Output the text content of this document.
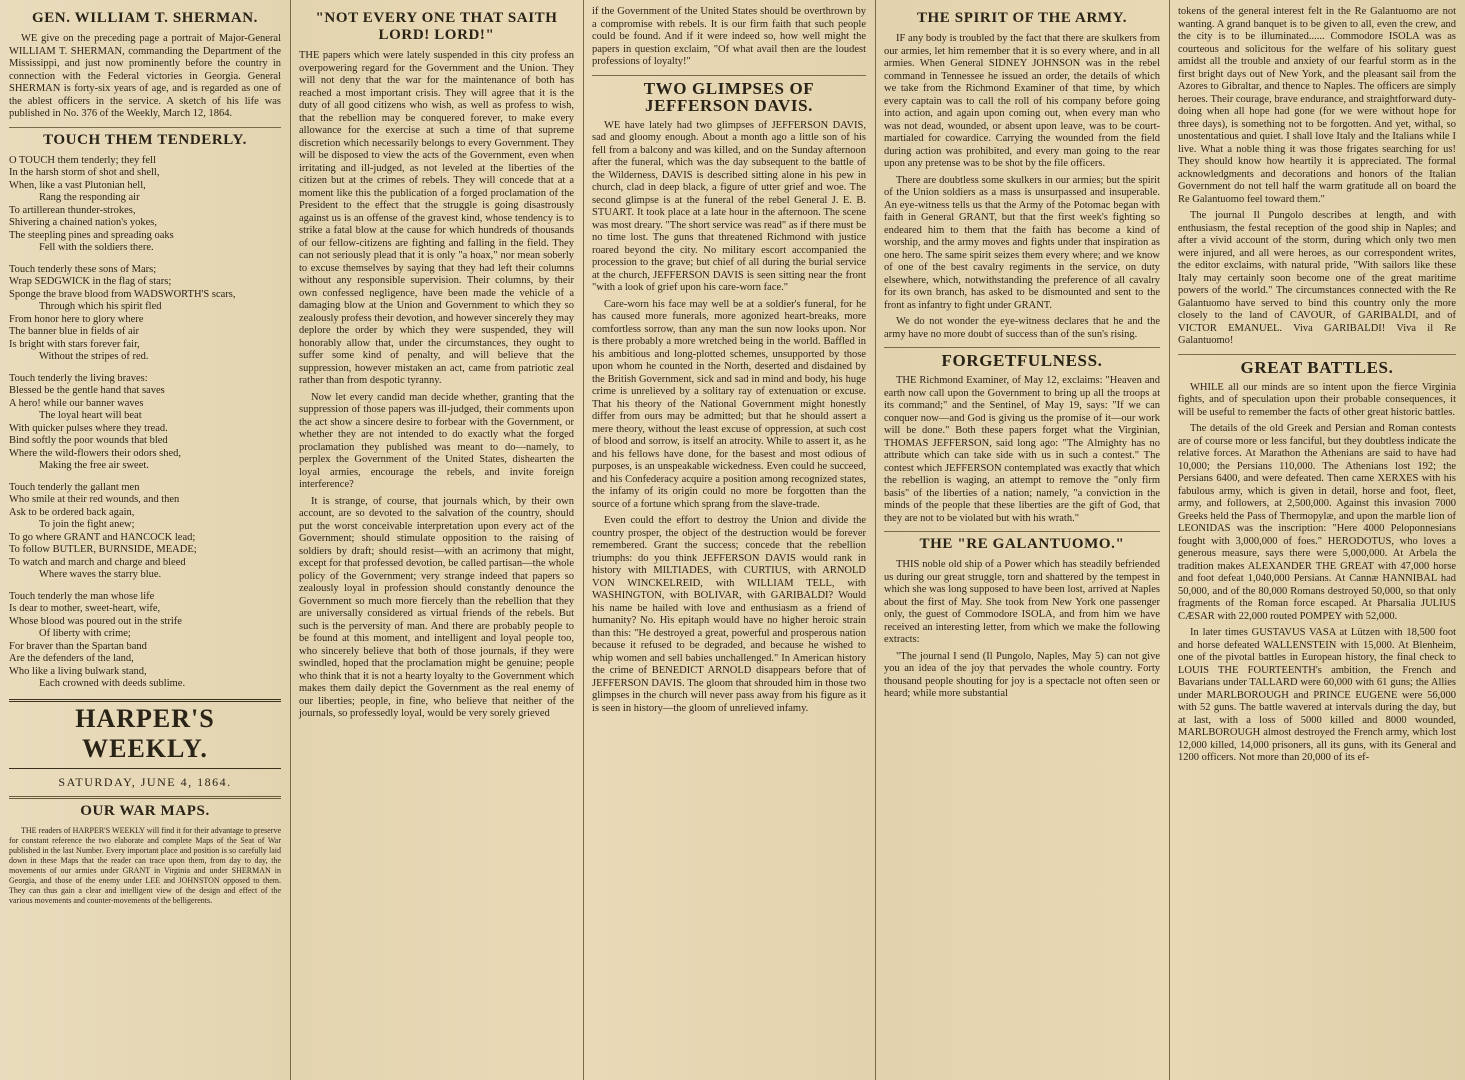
GEN. WILLIAM T. SHERMAN.

WE give on the preceding page a portrait of Major-General WILLIAM T. SHERMAN, commanding the Department of the Mississippi, and just now prominently before the country in connection with the Federal victories in Georgia. General SHERMAN is forty-six years of age, and is regarded as one of the ablest officers in the service. A sketch of his life was published in No. 376 of the Weekly, March 12, 1864.

TOUCH THEM TENDERLY.
O TOUCH them tenderly; they fell
In the harsh storm of shot and shell,
When, like a vast Plutonian hell,
Rang the responding air
To artillerean thunder-strokes,
Shivering a chained nation's yokes,
The steepling pines and spreading oaks
Fell with the soldiers there.
Touch tenderly these sons of Mars;
Wrap SEDGWICK in the flag of stars;
Sponge the brave blood from WADSWORTH'S scars,
Through which his spirit fled
From honor here to glory where
The banner blue in fields of air
Is bright with stars forever fair,
Without the stripes of red.
Touch tenderly the living braves:
Blessed be the gentle hand that saves
A hero! while our banner waves
The loyal heart will beat
With quicker pulses where they tread.
Bind softly the poor wounds that bled
Where the wild-flowers their odors shed,
Making the free air sweet.
Touch tenderly the gallant men
Who smile at their red wounds, and then
Ask to be ordered back again,
To join the fight anew;
To go where GRANT and HANCOCK lead;
To follow BUTLER, BURNSIDE, MEADE;
To watch and march and charge and bleed
Where waves the starry blue.
Touch tenderly the man whose life
Is dear to mother, sweet-heart, wife,
Whose blood was poured out in the strife
Of liberty with crime;
For braver than the Spartan band
Are the defenders of the land,
Who like a living bulwark stand,
Each crowned with deeds sublime.
HARPER'S WEEKLY.
SATURDAY, JUNE 4, 1864.
OUR WAR MAPS.

THE readers of HARPER'S WEEKLY will find it for their advantage to preserve for constant reference the two elaborate and complete Maps of the Seat of War published in the last Number. Every important place and position is so carefully laid down in these Maps that the reader can trace upon them, from day to day, the movements of our armies under GRANT in Virginia and under SHERMAN in Georgia, and those of the enemy under LEE and JOHNSTON opposed to them. They can thus gain a clear and intelligent view of the design and effect of the various movements and counter-movements of the belligerents.

"NOT EVERY ONE THAT SAITH LORD! LORD!"

THE papers which were lately suspended in this city profess an overpowering regard for the Government and the Union. They will not deny that the war for the maintenance of both has reached a most important crisis. They will agree that it is the duty of all good citizens who wish, as well as profess to wish, that the rebellion may be conquered forever, to make every allowance for the exercise at such a time of that supreme discretion which necessarily belongs to every Government. They will be disposed to view the acts of the Government, even when irritating and ill-judged, as not leveled at the liberties of the citizen but at the crimes of rebels. They will concede that at a moment like this the publication of a forged proclamation of the President to the effect that the struggle is going disastrously against us is an offense of the gravest kind, whose tendency is to strike a fatal blow at the cause for which hundreds of thousands of our fellow-citizens are fighting and falling in the field. They can not seriously plead that it is only "a hoax," nor mean soberly to excuse themselves by saying that they had left their columns without any responsible supervision. Their columns, by their own confessed negligence, have been made the vehicle of a damaging blow at the Union and Government to which they so zealously profess their devotion, and however sincerely they may deplore the order by which they were suspended, they will honorably allow that, under the circumstances, they ought to suffer some kind of penalty, and will believe that the suppression, however mistaken an act, came from patriotic zeal rather than from despotic tyranny.

Now let every candid man decide whether, granting that the suppression of those papers was ill-judged, their comments upon the act show a sincere desire to forbear with the Government, or whether they are not intended to do exactly what the forged proclamation they published was meant to do—namely, to perplex the Government of the United States, dishearten the loyal armies, encourage the rebels, and invite foreign interference?

It is strange, of course, that journals which, by their own account, are so devoted to the salvation of the country, should put the worst conceivable interpretation upon every act of the Government; should stimulate opposition to the raising of soldiers by draft; should resist—with an acrimony that might, except for that professed devotion, be called partisan—the whole policy of the Government; very strange indeed that papers so zealously loyal in profession should constantly denounce the Government so much more fiercely than the rebellion that they are universally considered as virtual friends of the rebels. But such is the perversity of man. And there are probably people to be found at this moment, and intelligent and loyal people too, who sincerely believe that both of those journals, if they were swindled, hoped that the proclamation might be genuine; people who think that it is not a hearty loyalty to the Government which makes them daily depict the Government as the real enemy of our liberties; people, in fine, who believe that neither of the journals, so professedly loyal, would be very sorely grieved

if the Government of the United States should be overthrown by a compromise with rebels. It is our firm faith that such people could be found. And if it were indeed so, how well might the papers in question exclaim, "Of what avail then are the loudest professions of loyalty!"

TWO GLIMPSES OF JEFFERSON DAVIS.

WE have lately had two glimpses of JEFFERSON DAVIS, sad and gloomy enough. About a month ago a little son of his fell from a balcony and was killed, and on the Sunday afternoon after the funeral, which was the day subsequent to the battle of the Wilderness, DAVIS is described sitting alone in his pew in church, clad in deep black, a figure of utter grief and woe. The second glimpse is at the funeral of the rebel General J. E. B. STUART. It took place at a late hour in the afternoon. The scene was most dreary. "The short service was read" as if there must be no time lost. The guns that threatened Richmond with justice roared beyond the city. No military escort accompanied the procession to the grave; but chief of all during the burial service at the church, JEFFERSON DAVIS is seen sitting near the front "with a look of grief upon his care-worn face."

Care-worn his face may well be at a soldier's funeral, for he has caused more funerals, more agonized heart-breaks, more comfortless sorrow, than any man the sun now looks upon. Nor is there probably a more wretched being in the world. Baffled in his ambitious and long-plotted schemes, unsupported by those upon whom he counted in the North, deserted and disdained by the British Government, sick and sad in mind and body, his huge crime is unrelieved by a solitary ray of extenuation or excuse. That his theory of the National Government might honestly differ from ours may be admitted; but that he should assert a mere theory, without the least excuse of oppression, at such cost of blood and sorrow, is itself an atrocity. While to assert it, as he and his fellows have done, for the basest and most odious of purposes, is an unspeakable wickedness. Even could he succeed, and his Confederacy acquire a position among recognized states, the infamy of its origin could no more be forgotten than the source of a fortune which sprang from the slave-trade.

Even could the effort to destroy the Union and divide the country prosper, the object of the destruction would be forever remembered. Grant the success; concede that the rebellion triumphs: do you think JEFFERSON DAVIS would rank in history with MILTIADES, with CURTIUS, with ARNOLD VON WINCKELREID, with WILLIAM TELL, with WASHINGTON, with BOLIVAR, with GARIBALDI? Would his name be hailed with love and enthusiasm as a friend of humanity? No. His epitaph would have no higher heroic strain than this: "He destroyed a great, powerful and prosperous nation because it refused to be degraded, and because he wished to whip women and sell babies unchallenged." In American history the crime of BENEDICT ARNOLD disappears before that of JEFFERSON DAVIS. The gloom that shrouded him in those two glimpses in the church will never pass away from his figure as it is seen in history—the gloom of unrelieved infamy.

THE SPIRIT OF THE ARMY.

IF any body is troubled by the fact that there are skulkers from our armies, let him remember that it is so every where, and in all armies. When General SIDNEY JOHNSON was in the rebel command in Tennessee he issued an order, the details of which we take from the Richmond Examiner of that time, by which every captain was to call the roll of his company before going into action, and again upon coming out, when every man who was not dead, wounded, or absent upon leave, was to be court-martialed for cowardice. Carrying the wounded from the field during action was prohibited, and every man going to the rear upon any pretense was to be shot by the file officers.

There are doubtless some skulkers in our armies; but the spirit of the Union soldiers as a mass is unsurpassed and insuperable. An eye-witness tells us that the Army of the Potomac began with faith in General GRANT, but that the first week's fighting so endeared him to them that the faith has become a kind of worship, and the army moves and fights under that inspiration as one hero. The same spirit seizes them every where; and we know of one of the best cavalry regiments in the service, on duty elsewhere, which, notwithstanding the preference of all cavalry for its own branch, has asked to be dismounted and sent to the front as infantry to fight under GRANT.

We do not wonder the eye-witness declares that he and the army have no more doubt of success than of the sun's rising.

FORGETFULNESS.

THE Richmond Examiner, of May 12, exclaims: "Heaven and earth now call upon the Government to bring up all the troops at its command;" and the Sentinel, of May 19, says: "If we can conquer now—and God is giving us the promise of it—our work will be done." Both these papers forget what the Virginian, THOMAS JEFFERSON, said long ago: "The Almighty has no attribute which can take side with us in such a contest." The contest which JEFFERSON contemplated was exactly that which the rebellion is waging, an attempt to remove the "only firm basis" of the liberties of a nation; namely, "a conviction in the minds of the people that these liberties are the gift of God, that they are not to be violated but with his wrath."

THE "RE GALANTUOMO."

THIS noble old ship of a Power which has steadily befriended us during our great struggle, torn and shattered by the tempest in which she was long supposed to have been lost, arrived at Naples about the first of May. She took from New York one passenger only, the guest of Commodore ISOLA, and from him we have received an interesting letter, from which we make the following extracts:

"The journal I send (Il Pungolo, Naples, May 5) can not give you an idea of the joy that pervades the whole country. Forty thousand people shouting for joy is a spectacle not often seen or heard; while more substantial

tokens of the general interest felt in the Re Galantuomo are not wanting. A grand banquet is to be given to all, even the crew, and the city is to be illuminated...... Commodore ISOLA was as courteous and solicitous for the welfare of his solitary guest amidst all the trouble and anxiety of our fearful storm as in the first bright days out of New York, and the pleasant sail from the Azores to Gibraltar, and thence to Naples. The officers are simply heroes. Their courage, brave endurance, and straightforward duty-doing when all hope had gone (for we were without hope for three days), is something not to be forgotten. And yet, withal, so unostentatious and quiet. I shall love Italy and the Italians while I live. What a noble thing it was those frigates searching for us! They should know how heartily it is appreciated. The formal acknowledgments and decorations and honors of the Italian Government do not tell half the warm gratitude all on board the Re Galantuomo feel toward them."

The journal Il Pungolo describes at length, and with enthusiasm, the festal reception of the good ship in Naples; and after a vivid account of the storm, during which only two men were injured, and all were heroes, as our correspondent writes, the editor exclaims, with natural pride, "With sailors like these Italy may certainly soon become one of the great maritime powers of the world." The circumstances connected with the Re Galantuomo have served to bind this country only the more closely to the land of CAVOUR, of GARIBALDI, and of VICTOR EMANUEL. Viva GARIBALDI! Viva il Re Galantuomo!

GREAT BATTLES.

WHILE all our minds are so intent upon the fierce Virginia fights, and of speculation upon their probable consequences, it will be useful to remember the facts of other great historic battles.

The details of the old Greek and Persian and Roman contests are of course more or less fanciful, but they doubtless indicate the relative forces. At Marathon the Athenians are said to have had 10,000; the Persians 110,000. The Athenians lost 192; the Persians 6400, and were defeated. Then came XERXES with his fabulous army, which is given in detail, horse and foot, fleet, army, and followers, at 2,500,000. Against this invasion 7000 Greeks held the Pass of Thermopylæ, and upon the marble lion of LEONIDAS was the inscription: "Here 4000 Peloponnesians fought with 3,000,000 of foes." HERODOTUS, who loves a generous measure, says there were 5,000,000. At Arbela the tradition makes ALEXANDER THE GREAT with 47,000 horse and foot defeat 1,040,000 Persians. At Cannæ HANNIBAL had 50,000, and of the 80,000 Romans destroyed 50,000, so that only fragments of the Roman force escaped. At Pharsalia JULIUS CÆSAR with 22,000 routed POMPEY with 52,000.

In later times GUSTAVUS VASA at Lützen with 18,500 foot and horse defeated WALLENSTEIN with 15,000. At Blenheim, one of the pivotal battles in European history, the final check to LOUIS THE FOURTEENTH's ambition, the French and Bavarians under TALLARD were 60,000 with 61 guns; the Allies under MARLBOROUGH and PRINCE EUGENE were 56,000 with 52 guns. The battle wavered at intervals during the day, but at last, with a loss of 5000 killed and 8000 wounded, MARLBOROUGH almost destroyed the French army, which lost 12,000 killed, 14,000 prisoners, all its guns, with its General and 1200 officers. Not more than 20,000 of its ef-
